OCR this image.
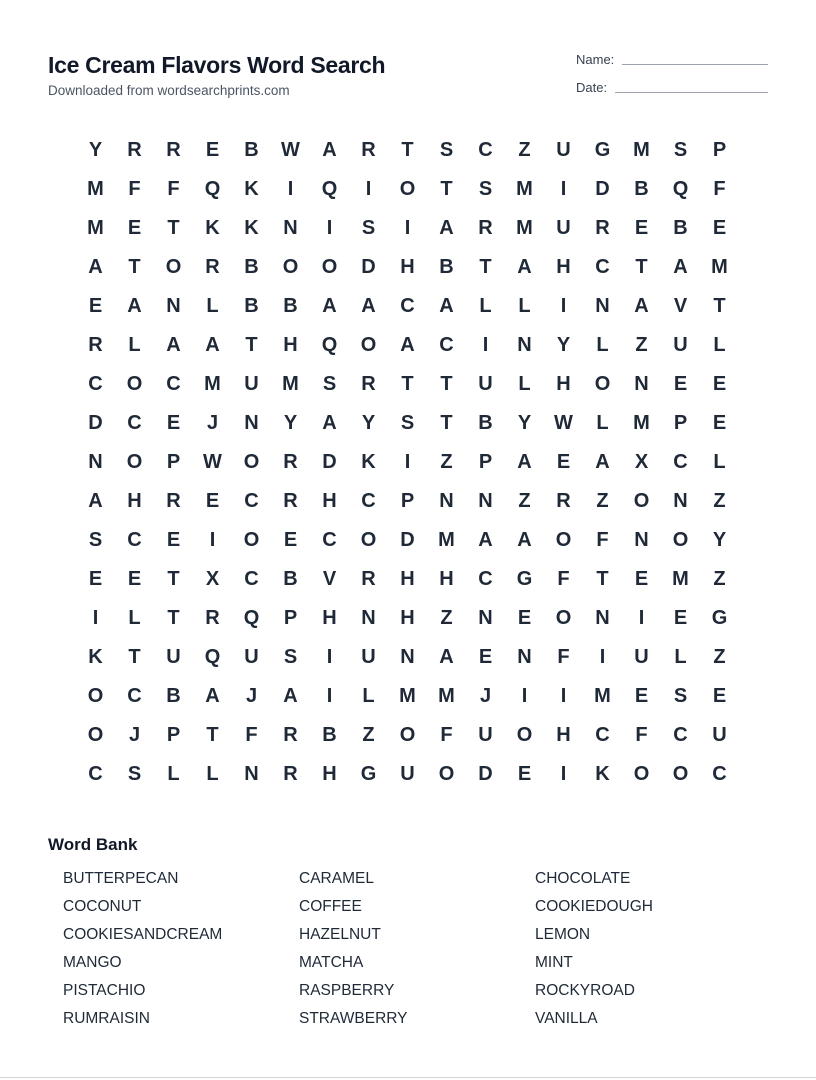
Ice Cream Flavors Word Search
Downloaded from wordsearchprints.com
Name:
Date:
Y	R	R	E	B	W	A	R	T	S	C	Z	U	G	M	S	P
M	F	F	Q	K	I	Q	I	O	T	S	M	I	D	B	Q	F
M	E	T	K	K	N	I	S	I	A	R	M	U	R	E	B	E
A	T	O	R	B	O	O	D	H	B	T	A	H	C	T	A	M
E	A	N	L	B	B	A	A	C	A	L	L	I	N	A	V	T
R	L	A	A	T	H	Q	O	A	C	I	N	Y	L	Z	U	L
C	O	C	M	U	M	S	R	T	T	U	L	H	O	N	E	E
D	C	E	J	N	Y	A	Y	S	T	B	Y	W	L	M	P	E
N	O	P	W	O	R	D	K	I	Z	P	A	E	A	X	C	L
A	H	R	E	C	R	H	C	P	N	N	Z	R	Z	O	N	Z
S	C	E	I	O	E	C	O	D	M	A	A	O	F	N	O	Y
E	E	T	X	C	B	V	R	H	H	C	G	F	T	E	M	Z
I	L	T	R	Q	P	H	N	H	Z	N	E	O	N	I	E	G
K	T	U	Q	U	S	I	U	N	A	E	N	F	I	U	L	Z
O	C	B	A	J	A	I	L	M	M	J	I	I	M	E	S	E
O	J	P	T	F	R	B	Z	O	F	U	O	H	C	F	C	U
C	S	L	L	N	R	H	G	U	O	D	E	I	K	O	O	C
Word Bank
BUTTERPECAN	CARAMEL	CHOCOLATE
COCONUT	COFFEE	COOKIEDOUGH
COOKIESANDCREAM	HAZELNUT	LEMON
MANGO	MATCHA	MINT
PISTACHIO	RASPBERRY	ROCKYROAD
RUMRAISIN	STRAWBERRY	VANILLA
